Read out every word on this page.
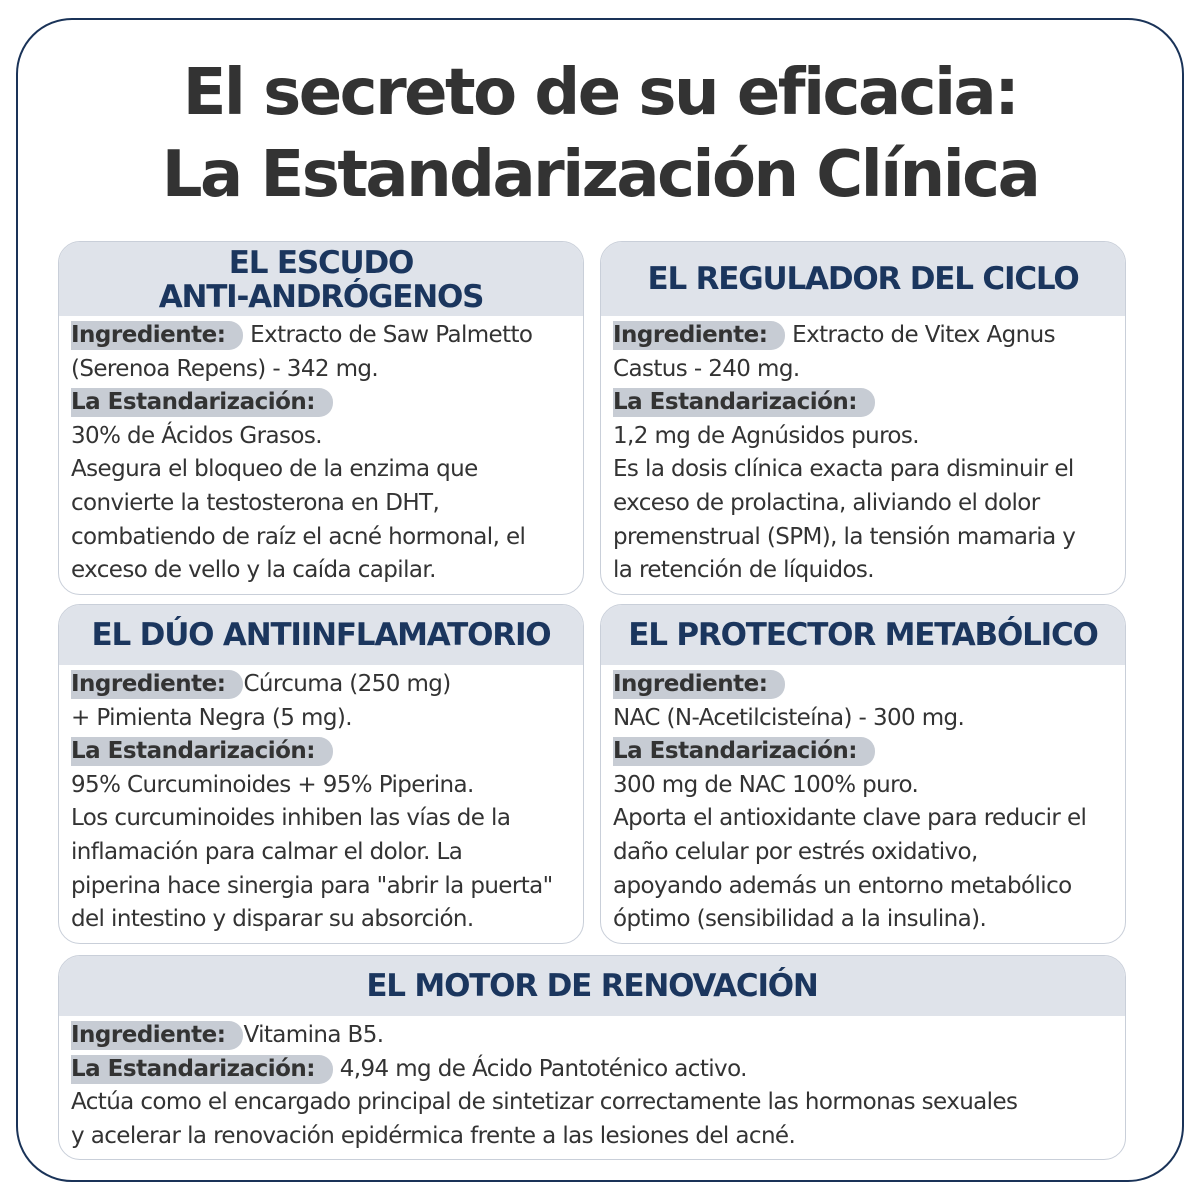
El secreto de su eficacia:
La Estandarización Clínica
EL ESCUDO
ANTI-ANDRÓGENOS
Ingrediente: Extracto de Saw Palmetto
(Serenoa Repens) - 342 mg.
La Estandarización:
30% de Ácidos Grasos.
Asegura el bloqueo de la enzima que
convierte la testosterona en DHT,
combatiendo de raíz el acné hormonal, el
exceso de vello y la caída capilar.
EL REGULADOR DEL CICLO
Ingrediente: Extracto de Vitex Agnus
Castus - 240 mg.
La Estandarización:
1,2 mg de Agnúsidos puros.
Es la dosis clínica exacta para disminuir el
exceso de prolactina, aliviando el dolor
premenstrual (SPM), la tensión mamaria y
la retención de líquidos.
EL DÚO ANTIINFLAMATORIO
Ingrediente: Cúrcuma (250 mg)
+ Pimienta Negra (5 mg).
La Estandarización:
95% Curcuminoides + 95% Piperina.
Los curcuminoides inhiben las vías de la
inflamación para calmar el dolor. La
piperina hace sinergia para "abrir la puerta"
del intestino y disparar su absorción.
EL PROTECTOR METABÓLICO
Ingrediente:
NAC (N-Acetilcisteína) - 300 mg.
La Estandarización:
300 mg de NAC 100% puro.
Aporta el antioxidante clave para reducir el
daño celular por estrés oxidativo,
apoyando además un entorno metabólico
óptimo (sensibilidad a la insulina).
EL MOTOR DE RENOVACIÓN
Ingrediente: Vitamina B5.
La Estandarización: 4,94 mg de Ácido Pantoténico activo.
Actúa como el encargado principal de sintetizar correctamente las hormonas sexuales
y acelerar la renovación epidérmica frente a las lesiones del acné.
